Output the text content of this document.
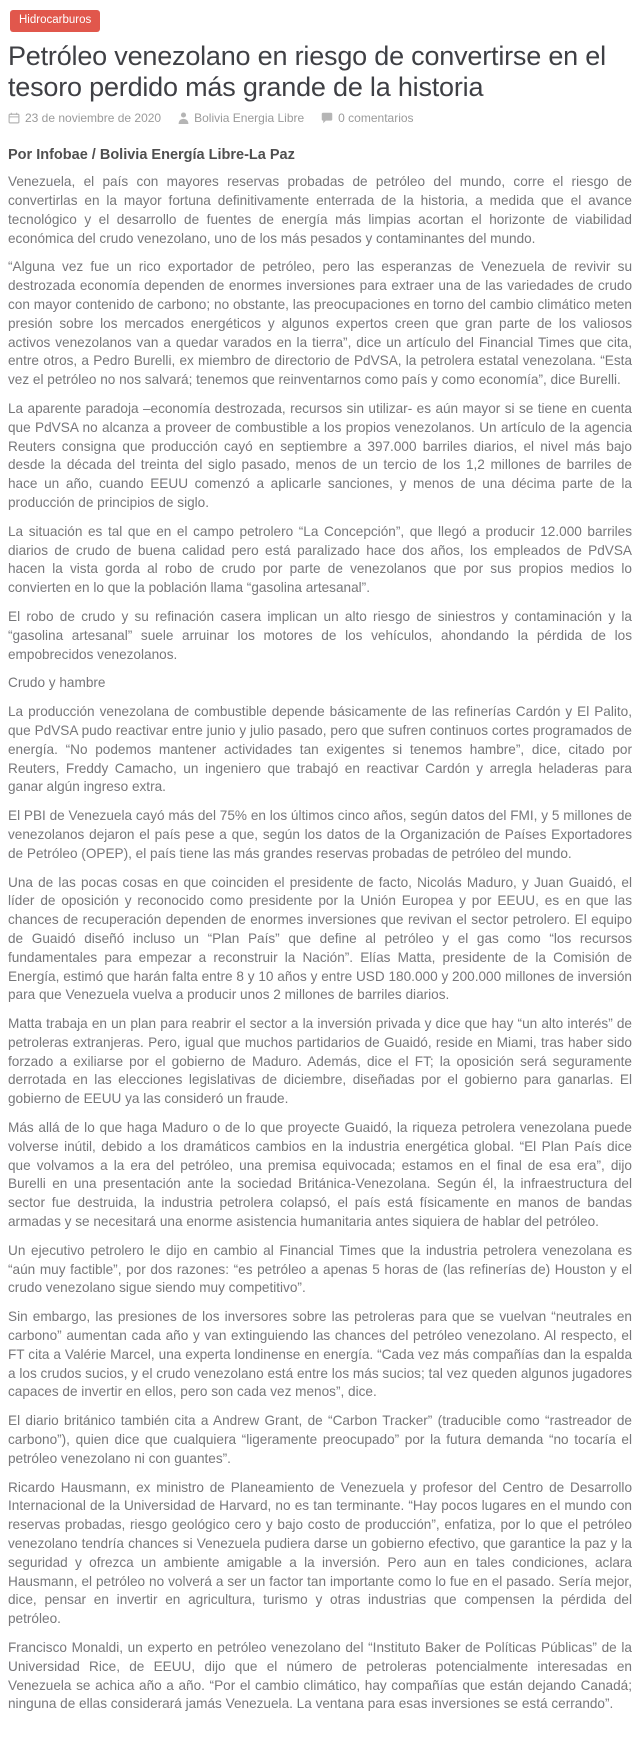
Hidrocarburos
Petróleo venezolano en riesgo de convertirse en el tesoro perdido más grande de la historia
23 de noviembre de 2020	Bolivia Energia Libre	0 comentarios
Por Infobae / Bolivia Energía Libre-La Paz

Venezuela, el país con mayores reservas probadas de petróleo del mundo, corre el riesgo de convertirlas en la mayor fortuna definitivamente enterrada de la historia, a medida que el avance tecnológico y el desarrollo de fuentes de energía más limpias acortan el horizonte de viabilidad económica del crudo venezolano, uno de los más pesados y contaminantes del mundo.

“Alguna vez fue un rico exportador de petróleo, pero las esperanzas de Venezuela de revivir su destrozada economía dependen de enormes inversiones para extraer una de las variedades de crudo con mayor contenido de carbono; no obstante, las preocupaciones en torno del cambio climático meten presión sobre los mercados energéticos y algunos expertos creen que gran parte de los valiosos activos venezolanos van a quedar varados en la tierra”, dice un artículo del Financial Times que cita, entre otros, a Pedro Burelli, ex miembro de directorio de PdVSA, la petrolera estatal venezolana. “Esta vez el petróleo no nos salvará; tenemos que reinventarnos como país y como economía”, dice Burelli.

La aparente paradoja –economía destrozada, recursos sin utilizar- es aún mayor si se tiene en cuenta que PdVSA no alcanza a proveer de combustible a los propios venezolanos. Un artículo de la agencia Reuters consigna que producción cayó en septiembre a 397.000 barriles diarios, el nivel más bajo desde la década del treinta del siglo pasado, menos de un tercio de los 1,2 millones de barriles de hace un año, cuando EEUU comenzó a aplicarle sanciones, y menos de una décima parte de la producción de principios de siglo.

La situación es tal que en el campo petrolero “La Concepción”, que llegó a producir 12.000 barriles diarios de crudo de buena calidad pero está paralizado hace dos años, los empleados de PdVSA hacen la vista gorda al robo de crudo por parte de venezolanos que por sus propios medios lo convierten en lo que la población llama “gasolina artesanal”.

El robo de crudo y su refinación casera implican un alto riesgo de siniestros y contaminación y la “gasolina artesanal” suele arruinar los motores de los vehículos, ahondando la pérdida de los empobrecidos venezolanos.

Crudo y hambre

La producción venezolana de combustible depende básicamente de las refinerías Cardón y El Palito, que PdVSA pudo reactivar entre junio y julio pasado, pero que sufren continuos cortes programados de energía. “No podemos mantener actividades tan exigentes si tenemos hambre”, dice, citado por Reuters, Freddy Camacho, un ingeniero que trabajó en reactivar Cardón y arregla heladeras para ganar algún ingreso extra.

El PBI de Venezuela cayó más del 75% en los últimos cinco años, según datos del FMI, y 5 millones de venezolanos dejaron el país pese a que, según los datos de la Organización de Países Exportadores de Petróleo (OPEP), el país tiene las más grandes reservas probadas de petróleo del mundo.

Una de las pocas cosas en que coinciden el presidente de facto, Nicolás Maduro, y Juan Guaidó, el líder de oposición y reconocido como presidente por la Unión Europea y por EEUU, es en que las chances de recuperación dependen de enormes inversiones que revivan el sector petrolero. El equipo de Guaidó diseñó incluso un “Plan País” que define al petróleo y el gas como “los recursos fundamentales para empezar a reconstruir la Nación”. Elías Matta, presidente de la Comisión de Energía, estimó que harán falta entre 8 y 10 años y entre USD 180.000 y 200.000 millones de inversión para que Venezuela vuelva a producir unos 2 millones de barriles diarios.

Matta trabaja en un plan para reabrir el sector a la inversión privada y dice que hay “un alto interés” de petroleras extranjeras. Pero, igual que muchos partidarios de Guaidó, reside en Miami, tras haber sido forzado a exiliarse por el gobierno de Maduro. Además, dice el FT; la oposición será seguramente derrotada en las elecciones legislativas de diciembre, diseñadas por el gobierno para ganarlas. El gobierno de EEUU ya las consideró un fraude.

Más allá de lo que haga Maduro o de lo que proyecte Guaidó, la riqueza petrolera venezolana puede volverse inútil, debido a los dramáticos cambios en la industria energética global. “El Plan País dice que volvamos a la era del petróleo, una premisa equivocada; estamos en el final de esa era”, dijo Burelli en una presentación ante la sociedad Británica-Venezolana. Según él, la infraestructura del sector fue destruida, la industria petrolera colapsó, el país está físicamente en manos de bandas armadas y se necesitará una enorme asistencia humanitaria antes siquiera de hablar del petróleo.

Un ejecutivo petrolero le dijo en cambio al Financial Times que la industria petrolera venezolana es “aún muy factible”, por dos razones: “es petróleo a apenas 5 horas de (las refinerías de) Houston y el crudo venezolano sigue siendo muy competitivo”.

Sin embargo, las presiones de los inversores sobre las petroleras para que se vuelvan “neutrales en carbono” aumentan cada año y van extinguiendo las chances del petróleo venezolano. Al respecto, el FT cita a Valérie Marcel, una experta londinense en energía. “Cada vez más compañías dan la espalda a los crudos sucios, y el crudo venezolano está entre los más sucios; tal vez queden algunos jugadores capaces de invertir en ellos, pero son cada vez menos”, dice.

El diario británico también cita a Andrew Grant, de “Carbon Tracker” (traducible como “rastreador de carbono”), quien dice que cualquiera “ligeramente preocupado” por la futura demanda “no tocaría el petróleo venezolano ni con guantes”.

Ricardo Hausmann, ex ministro de Planeamiento de Venezuela y profesor del Centro de Desarrollo Internacional de la Universidad de Harvard, no es tan terminante. “Hay pocos lugares en el mundo con reservas probadas, riesgo geológico cero y bajo costo de producción”, enfatiza, por lo que el petróleo venezolano tendría chances si Venezuela pudiera darse un gobierno efectivo, que garantice la paz y la seguridad y ofrezca un ambiente amigable a la inversión. Pero aun en tales condiciones, aclara Hausmann, el petróleo no volverá a ser un factor tan importante como lo fue en el pasado. Sería mejor, dice, pensar en invertir en agricultura, turismo y otras industrias que compensen la pérdida del petróleo.

Francisco Monaldi, un experto en petróleo venezolano del “Instituto Baker de Políticas Públicas” de la Universidad Rice, de EEUU, dijo que el número de petroleras potencialmente interesadas en Venezuela se achica año a año. “Por el cambio climático, hay compañías que están dejando Canadá; ninguna de ellas considerará jamás Venezuela. La ventana para esas inversiones se está cerrando”.
